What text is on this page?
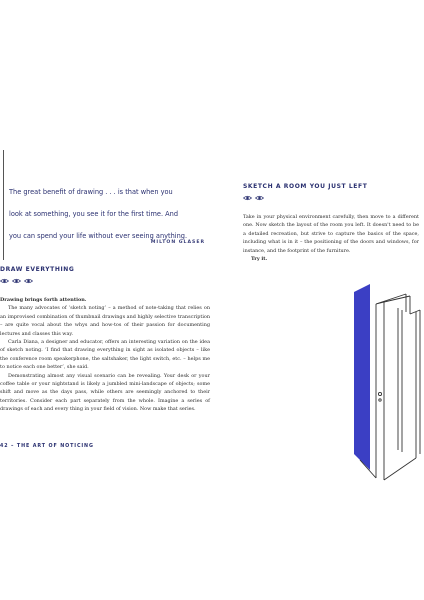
The great benefit of drawing . . . is that when you

look at something, you see it for the first time. And

you can spend your life without ever seeing anything.

MILTON GLASER
DRAW EVERYTHING

Drawing brings forth attention.

The many advocates of ‘sketch noting’ – a method of note-taking that relies on an improvised combination of thumbnail drawings and highly selective transcription – are quite vocal about the whys and how-tos of their passion for documenting lectures and classes this way.

Carla Diana, a designer and educator, offers an interesting variation on the idea of sketch noting. ‘I find that drawing everything in sight as isolated objects – like the conference room speakerphone, the saltshaker, the light switch, etc. – helps me to notice each one better’, she said.

Demonstrating almost any visual scenario can be revealing. Your desk or your coffee table or your nightstand is likely a jumbled mini-landscape of objects; some shift and move as the days pass, while others are seemingly anchored to their territories. Consider each part separately from the whole. Imagine a series of drawings of each and every thing in your field of vision. Now make that series.

42 – THE ART OF NOTICING
SKETCH A ROOM YOU JUST LEFT

Take in your physical environment carefully, then move to a different one. Now sketch the layout of the room you left. It doesn't need to be a detailed recreation, but strive to capture the basics of the space, including what is in it – the positioning of the doors and windows, for instance, and the footprint of the furniture.

Try it.
